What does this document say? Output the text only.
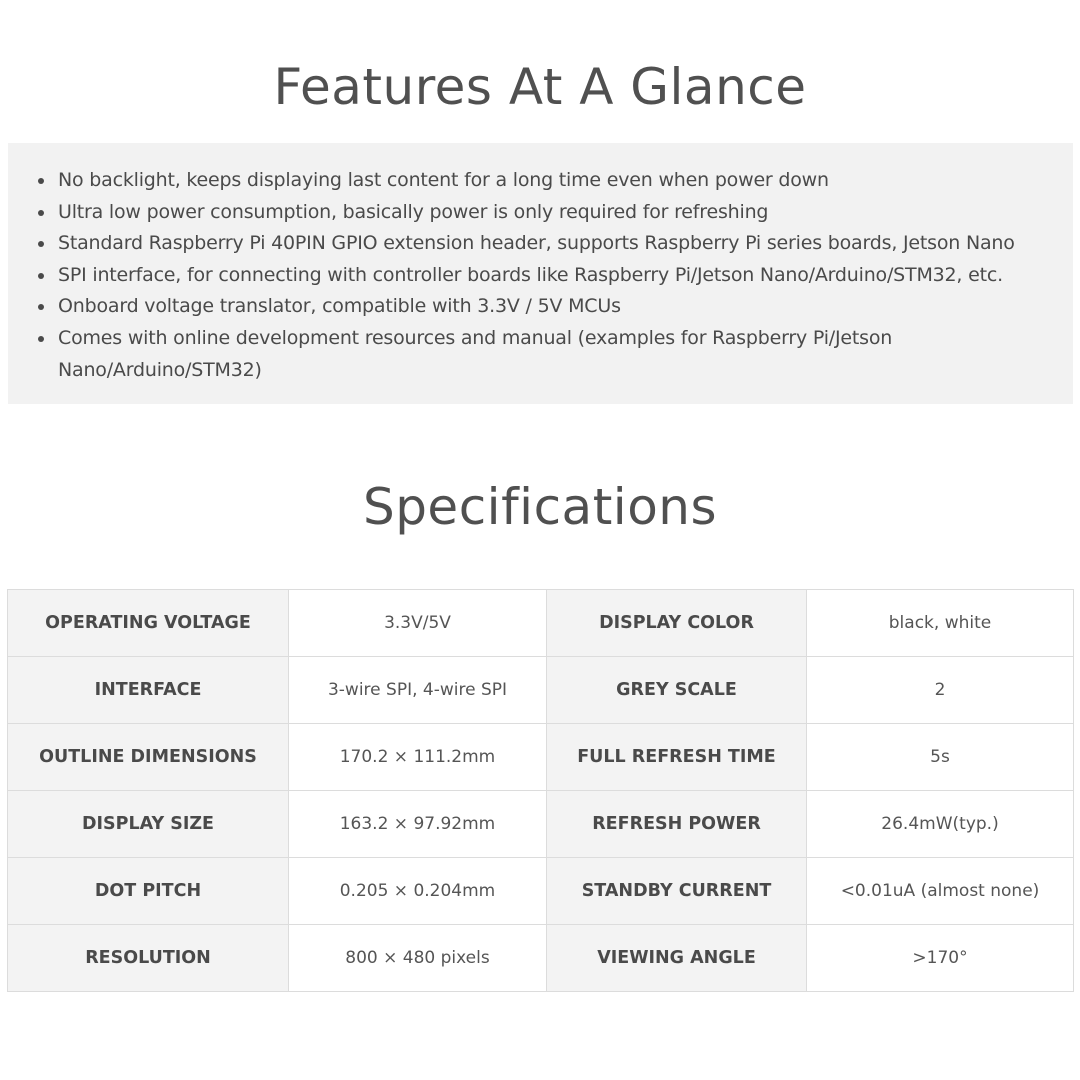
Features At A Glance
No backlight, keeps displaying last content for a long time even when power down
Ultra low power consumption, basically power is only required for refreshing
Standard Raspberry Pi 40PIN GPIO extension header, supports Raspberry Pi series boards, Jetson Nano
SPI interface, for connecting with controller boards like Raspberry Pi/Jetson Nano/Arduino/STM32, etc.
Onboard voltage translator, compatible with 3.3V / 5V MCUs
Comes with online development resources and manual (examples for Raspberry Pi/Jetson Nano/Arduino/STM32)
Specifications
OPERATING VOLTAGE	3.3V/5V	DISPLAY COLOR	black, white
INTERFACE	3-wire SPI, 4-wire SPI	GREY SCALE	2
OUTLINE DIMENSIONS	170.2 × 111.2mm	FULL REFRESH TIME	5s
DISPLAY SIZE	163.2 × 97.92mm	REFRESH POWER	26.4mW(typ.)
DOT PITCH	0.205 × 0.204mm	STANDBY CURRENT	<0.01uA (almost none)
RESOLUTION	800 × 480 pixels	VIEWING ANGLE	>170°
